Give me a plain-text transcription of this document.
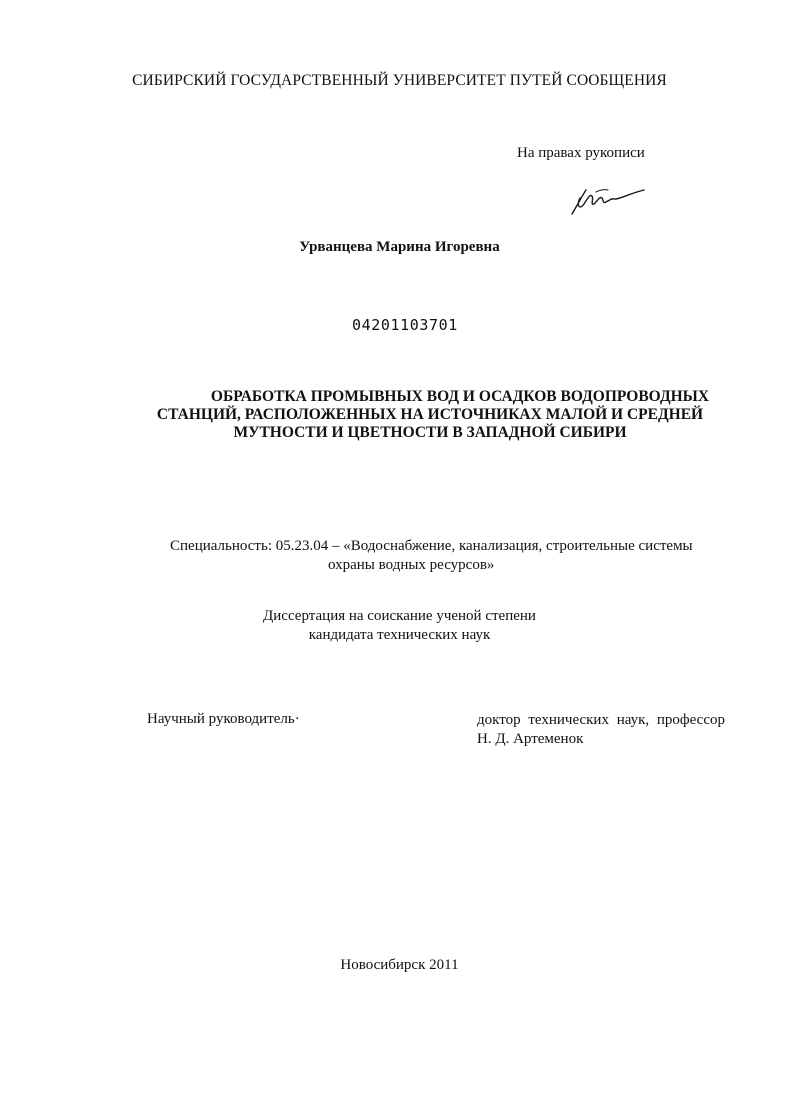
СИБИРСКИЙ ГОСУДАРСТВЕННЫЙ УНИВЕРСИТЕТ ПУТЕЙ СООБЩЕНИЯ
На правах рукописи
Урванцева Марина Игоревна
04201103701
ОБРАБОТКА ПРОМЫВНЫХ ВОД И ОСАДКОВ ВОДОПРОВОДНЫХ
СТАНЦИЙ, РАСПОЛОЖЕННЫХ НА ИСТОЧНИКАХ МАЛОЙ И СРЕДНЕЙ
МУТНОСТИ И ЦВЕТНОСТИ В ЗАПАДНОЙ СИБИРИ
Специальность: 05.23.04 – «Водоснабжение, канализация, строительные системы
охраны водных ресурсов»
Диссертация на соискание ученой степени
кандидата технических наук
Научный руководитель·	доктор технических наук, профессор
Н. Д. Артеменок
Новосибирск 2011
